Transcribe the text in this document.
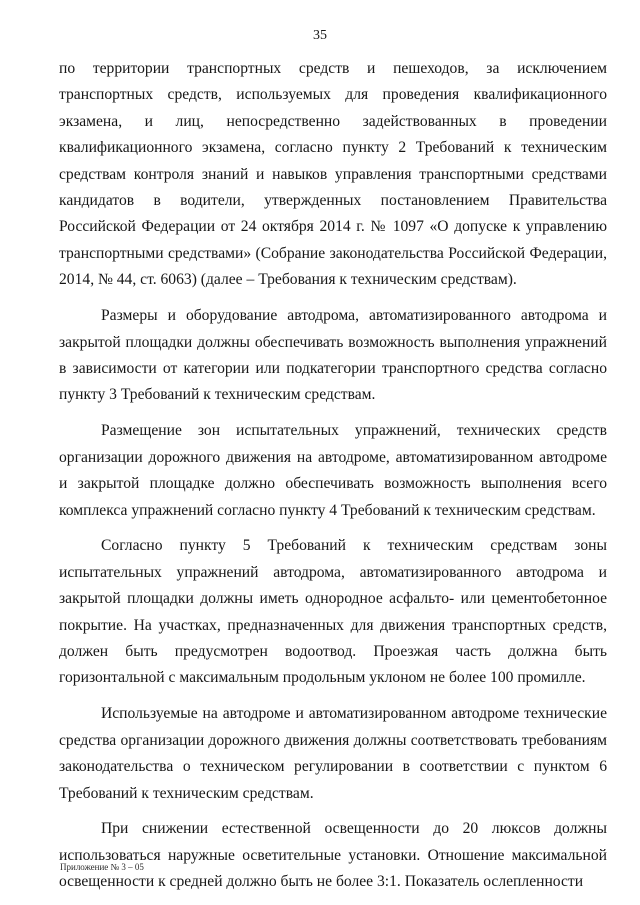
35

по территории транспортных средств и пешеходов, за исключением транспортных средств, используемых для проведения квалификационного экзамена, и лиц, непосредственно задействованных в проведении квалификационного экзамена, согласно пункту 2 Требований к техническим средствам контроля знаний и навыков управления транспортными средствами кандидатов в водители, утвержденных постановлением Правительства Российской Федерации от 24 октября 2014 г. № 1097 «О допуске к управлению транспортными средствами» (Собрание законодательства Российской Федерации, 2014, № 44, ст. 6063) (далее – Требования к техническим средствам).

Размеры и оборудование автодрома, автоматизированного автодрома и закрытой площадки должны обеспечивать возможность выполнения упражнений в зависимости от категории или подкатегории транспортного средства согласно пункту 3 Требований к техническим средствам.

Размещение зон испытательных упражнений, технических средств организации дорожного движения на автодроме, автоматизированном автодроме и закрытой площадке должно обеспечивать возможность выполнения всего комплекса упражнений согласно пункту 4 Требований к техническим средствам.

Согласно пункту 5 Требований к техническим средствам зоны испытательных упражнений автодрома, автоматизированного автодрома и закрытой площадки должны иметь однородное асфальто- или цементобетонное покрытие. На участках, предназначенных для движения транспортных средств, должен быть предусмотрен водоотвод. Проезжая часть должна быть горизонтальной с максимальным продольным уклоном не более 100 промилле.

Используемые на автодроме и автоматизированном автодроме технические средства организации дорожного движения должны соответствовать требованиям законодательства о техническом регулировании в соответствии с пунктом 6 Требований к техническим средствам.

При снижении естественной освещенности до 20 люксов должны использоваться наружные осветительные установки. Отношение максимальной освещенности к средней должно быть не более 3:1. Показатель ослепленности

Приложение № 3 – 05
